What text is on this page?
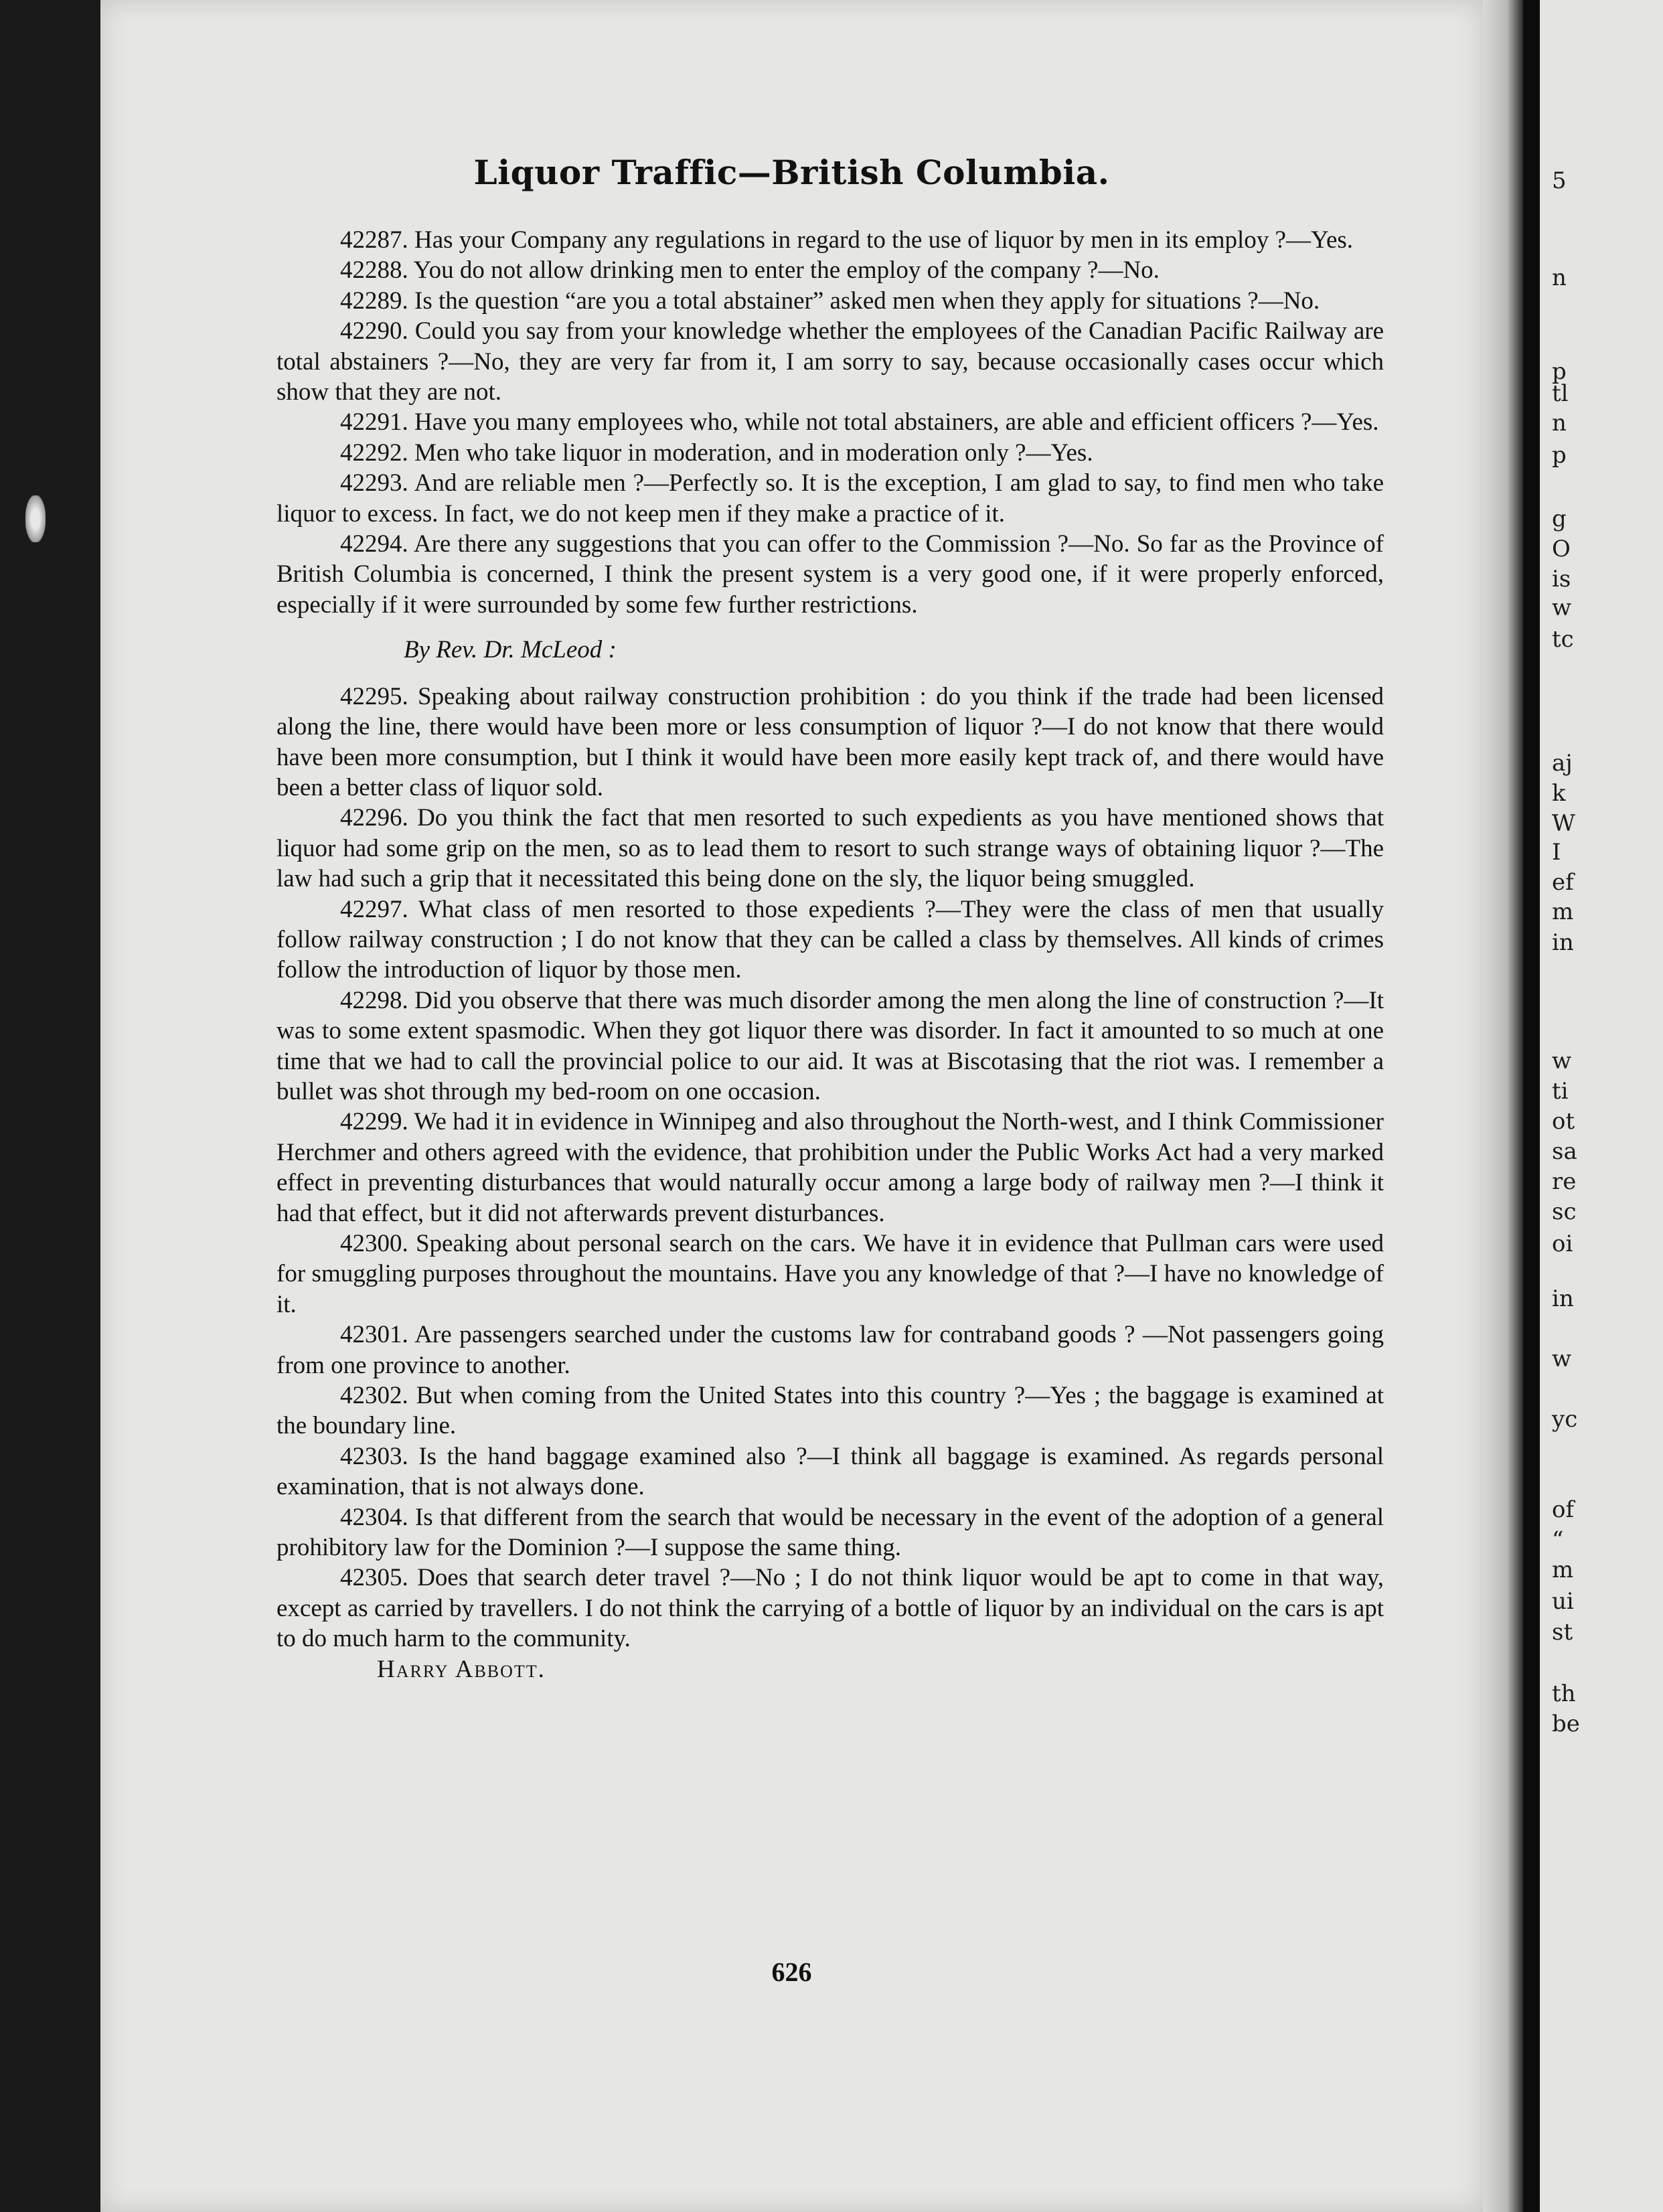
5
n
p
tl
n
p
g
O
is
w
tc
aj
k
W
I
ef
m
in
w
ti
ot
sa
re
sc
oi
in
w
yc
of
“
m
ui
st
th
be
Liquor Traffic—British Columbia.

42287. Has your Company any regulations in regard to the use of liquor by men in its employ ?—Yes.

42288. You do not allow drinking men to enter the employ of the company ?—No.

42289. Is the question “are you a total abstainer” asked men when they apply for situations ?—No.

42290. Could you say from your knowledge whether the employees of the Canadian Pacific Railway are total abstainers ?—No, they are very far from it, I am sorry to say, because occasionally cases occur which show that they are not.

42291. Have you many employees who, while not total abstainers, are able and efficient officers ?—Yes.

42292. Men who take liquor in moderation, and in moderation only ?—Yes.

42293. And are reliable men ?—Perfectly so. It is the exception, I am glad to say, to find men who take liquor to excess. In fact, we do not keep men if they make a practice of it.

42294. Are there any suggestions that you can offer to the Commission ?—No. So far as the Province of British Columbia is concerned, I think the present system is a very good one, if it were properly enforced, especially if it were surrounded by some few further restrictions.

By Rev. Dr. McLeod :

42295. Speaking about railway construction prohibition : do you think if the trade had been licensed along the line, there would have been more or less consumption of liquor ?—I do not know that there would have been more consumption, but I think it would have been more easily kept track of, and there would have been a better class of liquor sold.

42296. Do you think the fact that men resorted to such expedients as you have mentioned shows that liquor had some grip on the men, so as to lead them to resort to such strange ways of obtaining liquor ?—The law had such a grip that it necessitated this being done on the sly, the liquor being smuggled.

42297. What class of men resorted to those expedients ?—They were the class of men that usually follow railway construction ; I do not know that they can be called a class by themselves. All kinds of crimes follow the introduction of liquor by those men.

42298. Did you observe that there was much disorder among the men along the line of construction ?—It was to some extent spasmodic. When they got liquor there was disorder. In fact it amounted to so much at one time that we had to call the provincial police to our aid. It was at Biscotasing that the riot was. I remember a bullet was shot through my bed-room on one occasion.

42299. We had it in evidence in Winnipeg and also throughout the North-west, and I think Commissioner Herchmer and others agreed with the evidence, that prohibition under the Public Works Act had a very marked effect in preventing disturbances that would naturally occur among a large body of railway men ?—I think it had that effect, but it did not afterwards prevent disturbances.

42300. Speaking about personal search on the cars. We have it in evidence that Pullman cars were used for smuggling purposes throughout the mountains. Have you any knowledge of that ?—I have no knowledge of it.

42301. Are passengers searched under the customs law for contraband goods ? —Not passengers going from one province to another.

42302. But when coming from the United States into this country ?—Yes ; the baggage is examined at the boundary line.

42303. Is the hand baggage examined also ?—I think all baggage is examined. As regards personal examination, that is not always done.

42304. Is that different from the search that would be necessary in the event of the adoption of a general prohibitory law for the Dominion ?—I suppose the same thing.

42305. Does that search deter travel ?—No ; I do not think liquor would be apt to come in that way, except as carried by travellers. I do not think the carrying of a bottle of liquor by an individual on the cars is apt to do much harm to the community.

Harry Abbott.

626
